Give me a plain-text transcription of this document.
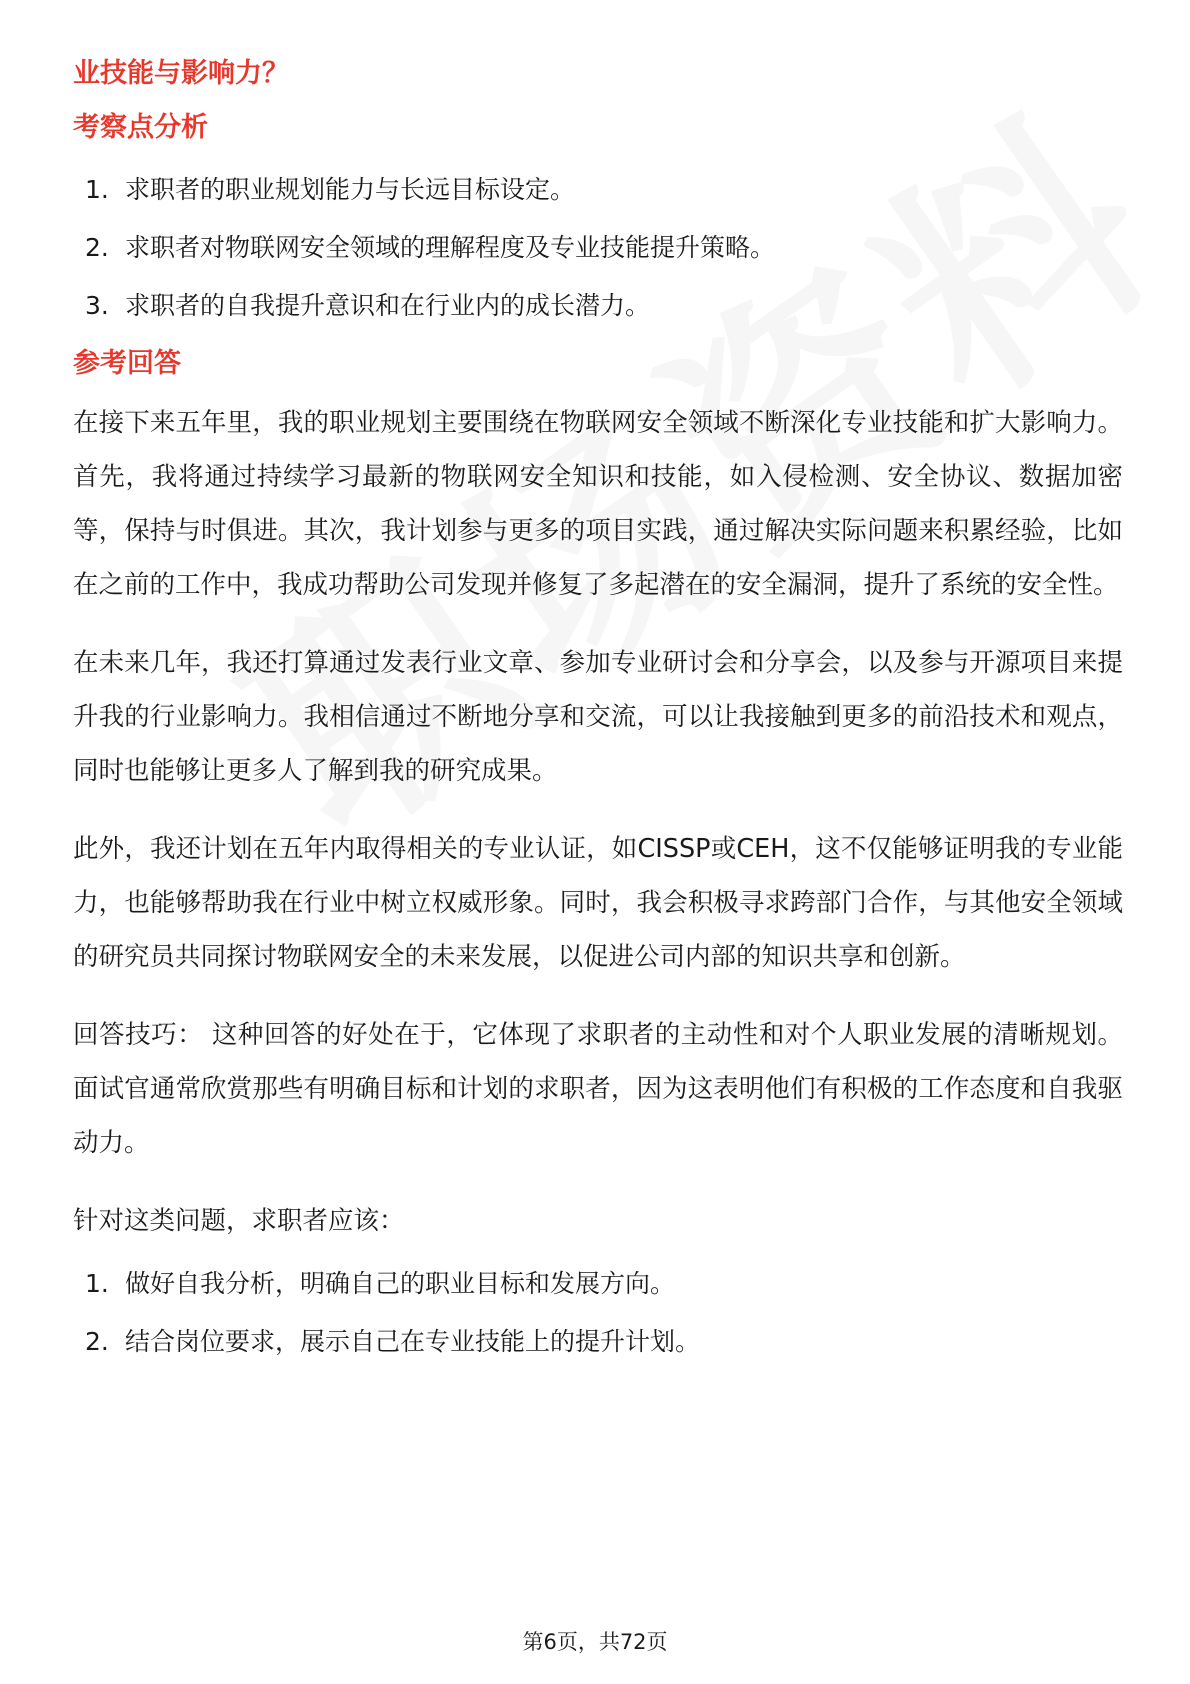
业技能与影响力？

考察点分析

1. 求职者的职业规划能力与长远目标设定。
2. 求职者对物联网安全领域的理解程度及专业技能提升策略。
3. 求职者的自我提升意识和在行业内的成长潜力。

参考回答

在接下来五年里，我的职业规划主要围绕在物联网安全领域不断深化专业技能和扩大影响力。首先，我将通过持续学习最新的物联网安全知识和技能，如入侵检测、安全协议、数据加密等，保持与时俱进。其次，我计划参与更多的项目实践，通过解决实际问题来积累经验，比如在之前的工作中，我成功帮助公司发现并修复了多起潜在的安全漏洞，提升了系统的安全性。

在未来几年，我还打算通过发表行业文章、参加专业研讨会和分享会，以及参与开源项目来提升我的行业影响力。我相信通过不断地分享和交流，可以让我接触到更多的前沿技术和观点，同时也能够让更多人了解到我的研究成果。

此外，我还计划在五年内取得相关的专业认证，如CISSP或CEH，这不仅能够证明我的专业能力，也能够帮助我在行业中树立权威形象。同时，我会积极寻求跨部门合作，与其他安全领域的研究员共同探讨物联网安全的未来发展，以促进公司内部的知识共享和创新。

回答技巧： 这种回答的好处在于，它体现了求职者的主动性和对个人职业发展的清晰规划。面试官通常欣赏那些有明确目标和计划的求职者，因为这表明他们有积极的工作态度和自我驱动力。

针对这类问题，求职者应该：

1. 做好自我分析，明确自己的职业目标和发展方向。
2. 结合岗位要求，展示自己在专业技能上的提升计划。
第6页，共72页
